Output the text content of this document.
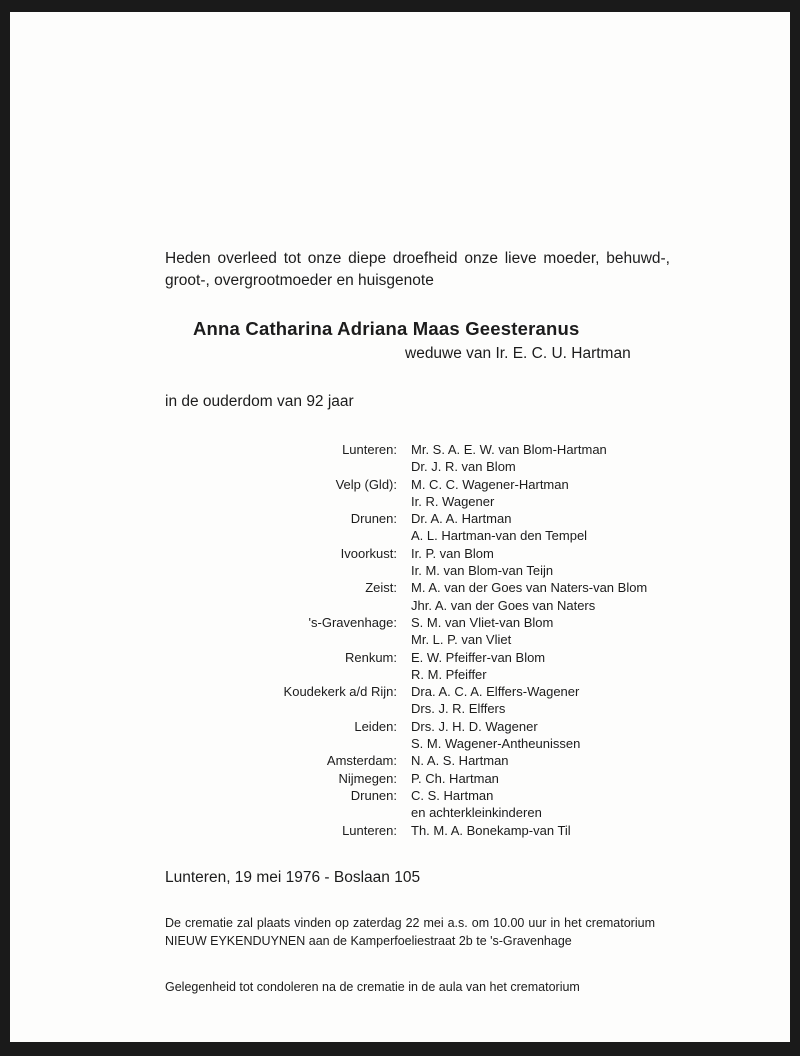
Heden overleed tot onze diepe droefheid onze lieve moeder, behuwd-, groot-, overgrootmoeder en huisgenote

Anna Catharina Adriana Maas Geesteranus
weduwe van Ir. E. C. U. Hartman
in de ouderdom van 92 jaar
Lunteren:	Mr. S. A. E. W. van Blom-Hartman
Dr. J. R. van Blom
Velp (Gld):	M. C. C. Wagener-Hartman
Ir. R. Wagener
Drunen:	Dr. A. A. Hartman
A. L. Hartman-van den Tempel
Ivoorkust:	Ir. P. van Blom
Ir. M. van Blom-van Teijn
Zeist:	M. A. van der Goes van Naters-van Blom
Jhr. A. van der Goes van Naters
's-Gravenhage:	S. M. van Vliet-van Blom
Mr. L. P. van Vliet
Renkum:	E. W. Pfeiffer-van Blom
R. M. Pfeiffer
Koudekerk a/d Rijn:	Dra. A. C. A. Elffers-Wagener
Drs. J. R. Elffers
Leiden:	Drs. J. H. D. Wagener
S. M. Wagener-Antheunissen
Amsterdam:	N. A. S. Hartman
Nijmegen:	P. Ch. Hartman
Drunen:	C. S. Hartman
en achterkleinkinderen
Lunteren:	Th. M. A. Bonekamp-van Til
Lunteren, 19 mei 1976 - Boslaan 105

De crematie zal plaats vinden op zaterdag 22 mei a.s. om 10.00 uur in het crematorium NIEUW EYKENDUYNEN aan de Kamperfoeliestraat 2b te 's-Gravenhage

Gelegenheid tot condoleren na de crematie in de aula van het crematorium
